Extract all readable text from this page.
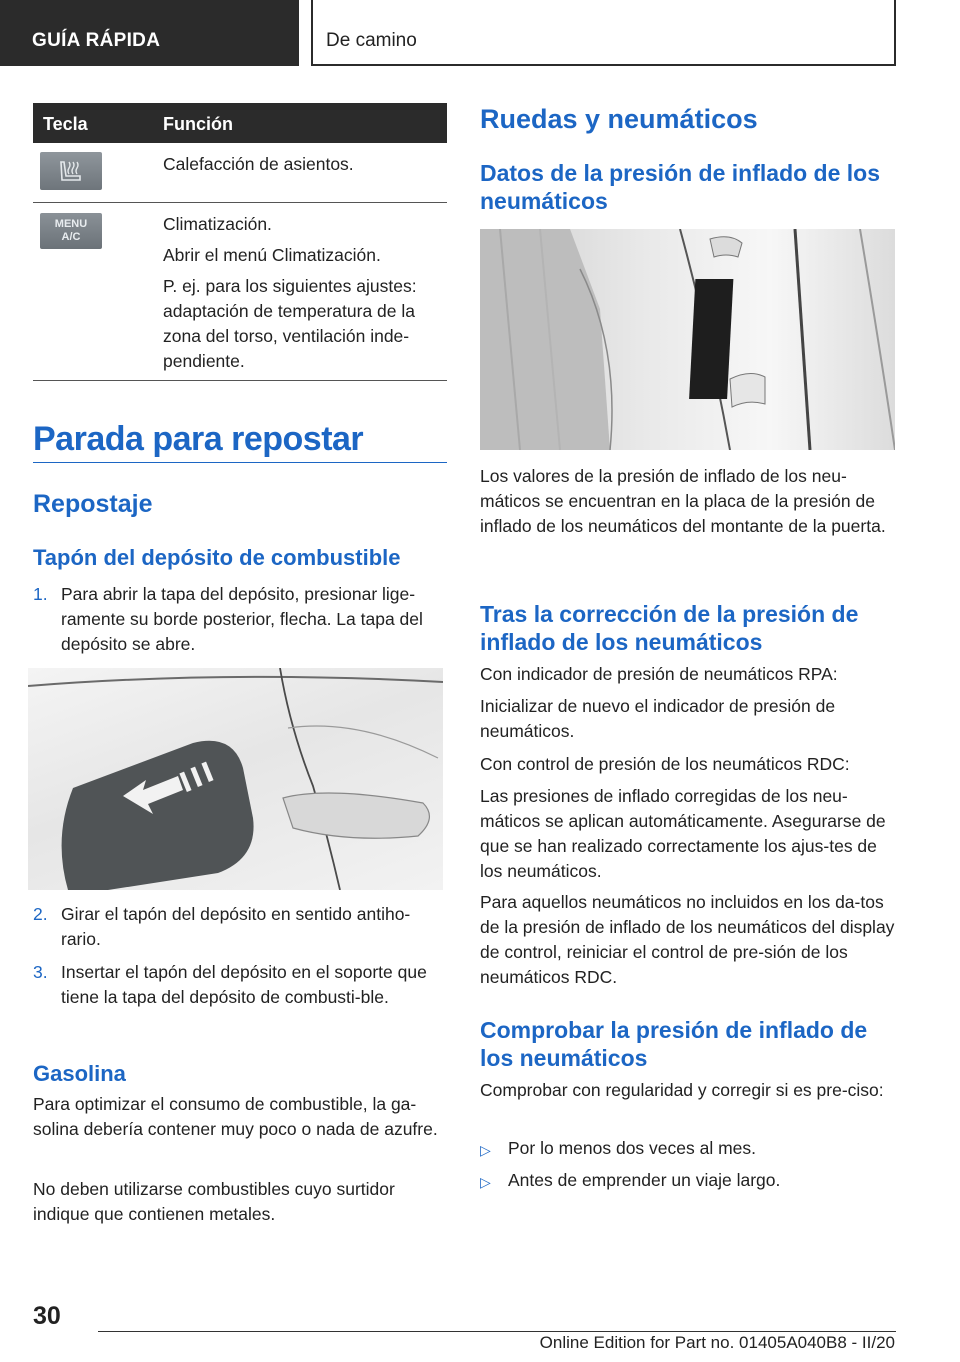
GUÍA RÁPIDA	De camino
Tecla	Función

Calefacción de asientos.

MENU
A/C

Climatización.

Abrir el menú Climatización.

P. ej. para los siguientes ajustes: adaptación de temperatura de la zona del torso, ventilación inde‐pendiente.

Parada para repostar
Repostaje
Tapón del depósito de combustible
1. Para abrir la tapa del depósito, presionar lige‐ramente su borde posterior, flecha. La tapa del depósito se abre.
2. Girar el tapón del depósito en sentido antiho‐rario.
3. Insertar el tapón del depósito en el soporte que tiene la tapa del depósito de combusti‐ble.
Gasolina
Para optimizar el consumo de combustible, la ga‐solina debería contener muy poco o nada de azufre.
No deben utilizarse combustibles cuyo surtidor indique que contienen metales.
Ruedas y neumáticos
Datos de la presión de inflado de los neumáticos
Los valores de la presión de inflado de los neu‐máticos se encuentran en la placa de la presión de inflado de los neumáticos del montante de la puerta.
Tras la corrección de la presión de inflado de los neumáticos
Con indicador de presión de neumáticos RPA:
Inicializar de nuevo el indicador de presión de neumáticos.
Con control de presión de los neumáticos RDC:
Las presiones de inflado corregidas de los neu‐máticos se aplican automáticamente. Asegurarse de que se han realizado correctamente los ajus‐tes de los neumáticos.
Para aquellos neumáticos no incluidos en los da‐tos de la presión de inflado de los neumáticos del display de control, reiniciar el control de pre‐sión de los neumáticos RDC.
Comprobar la presión de inflado de los neumáticos
Comprobar con regularidad y corregir si es pre‐ciso:
▷ Por lo menos dos veces al mes.
▷ Antes de emprender un viaje largo.
30
Online Edition for Part no. 01405A040B8 - II/20
